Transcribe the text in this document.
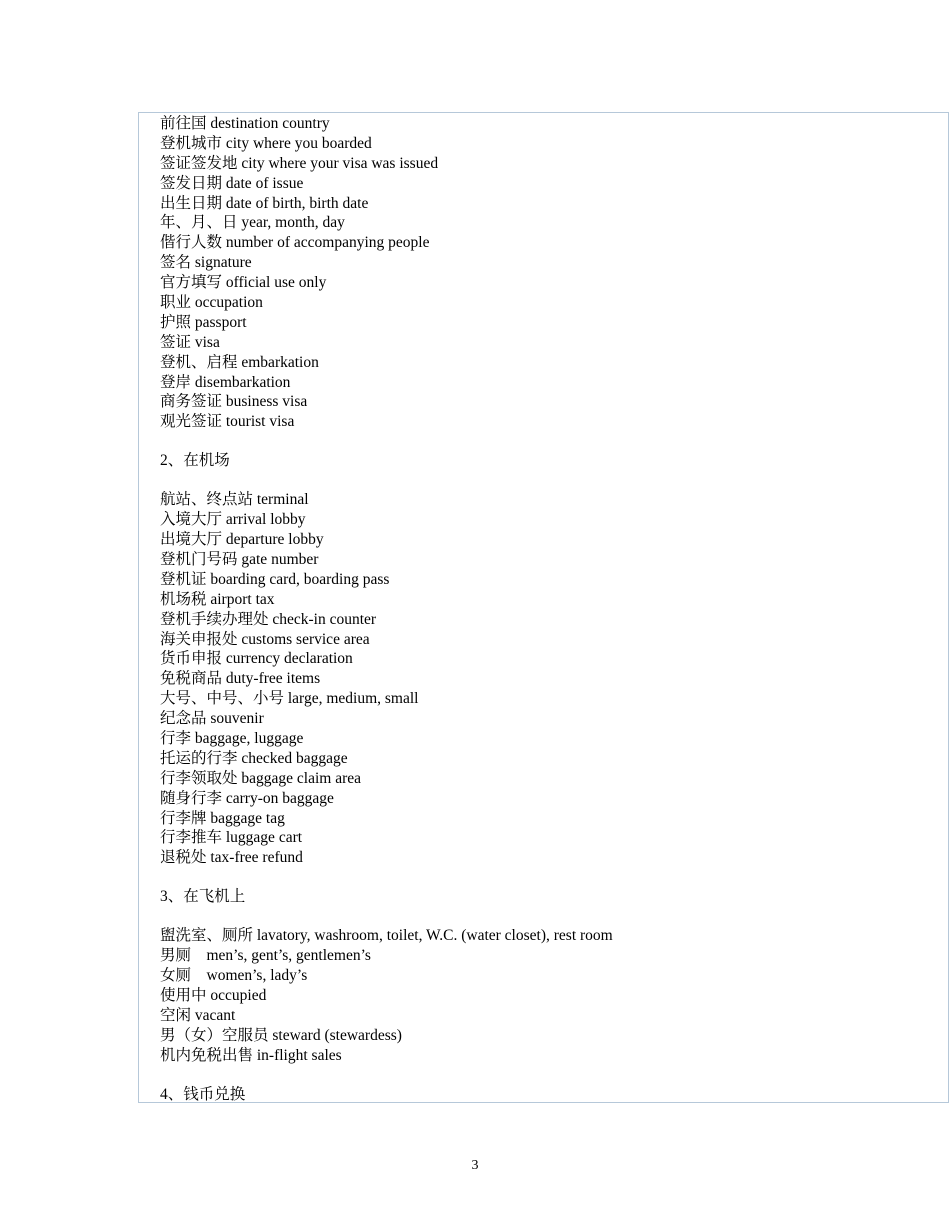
前往国 destination country
登机城市 city where you boarded
签证签发地 city where your visa was issued
签发日期 date of issue
出生日期 date of birth, birth date
年、月、日 year, month, day
偕行人数 number of accompanying people
签名 signature
官方填写 official use only
职业 occupation
护照 passport
签证 visa
登机、启程 embarkation
登岸 disembarkation
商务签证 business visa
观光签证 tourist visa
2、在机场
航站、终点站 terminal
入境大厅 arrival lobby
出境大厅 departure lobby
登机门号码 gate number
登机证 boarding card, boarding pass
机场税 airport tax
登机手续办理处 check-in counter
海关申报处 customs service area
货币申报 currency declaration
免税商品 duty-free items
大号、中号、小号 large, medium, small
纪念品 souvenir
行李 baggage, luggage
托运的行李 checked baggage
行李领取处 baggage claim area
随身行李 carry-on baggage
行李牌 baggage tag
行李推车 luggage cart
退税处 tax-free refund
3、在飞机上
盥洗室、厕所 lavatory, washroom, toilet, W.C. (water closet), rest room
男厕    men’s, gent’s, gentlemen’s
女厕    women’s, lady’s
使用中 occupied
空闲 vacant
男（女）空服员 steward (stewardess)
机内免税出售 in-flight sales
4、钱币兑换
3
